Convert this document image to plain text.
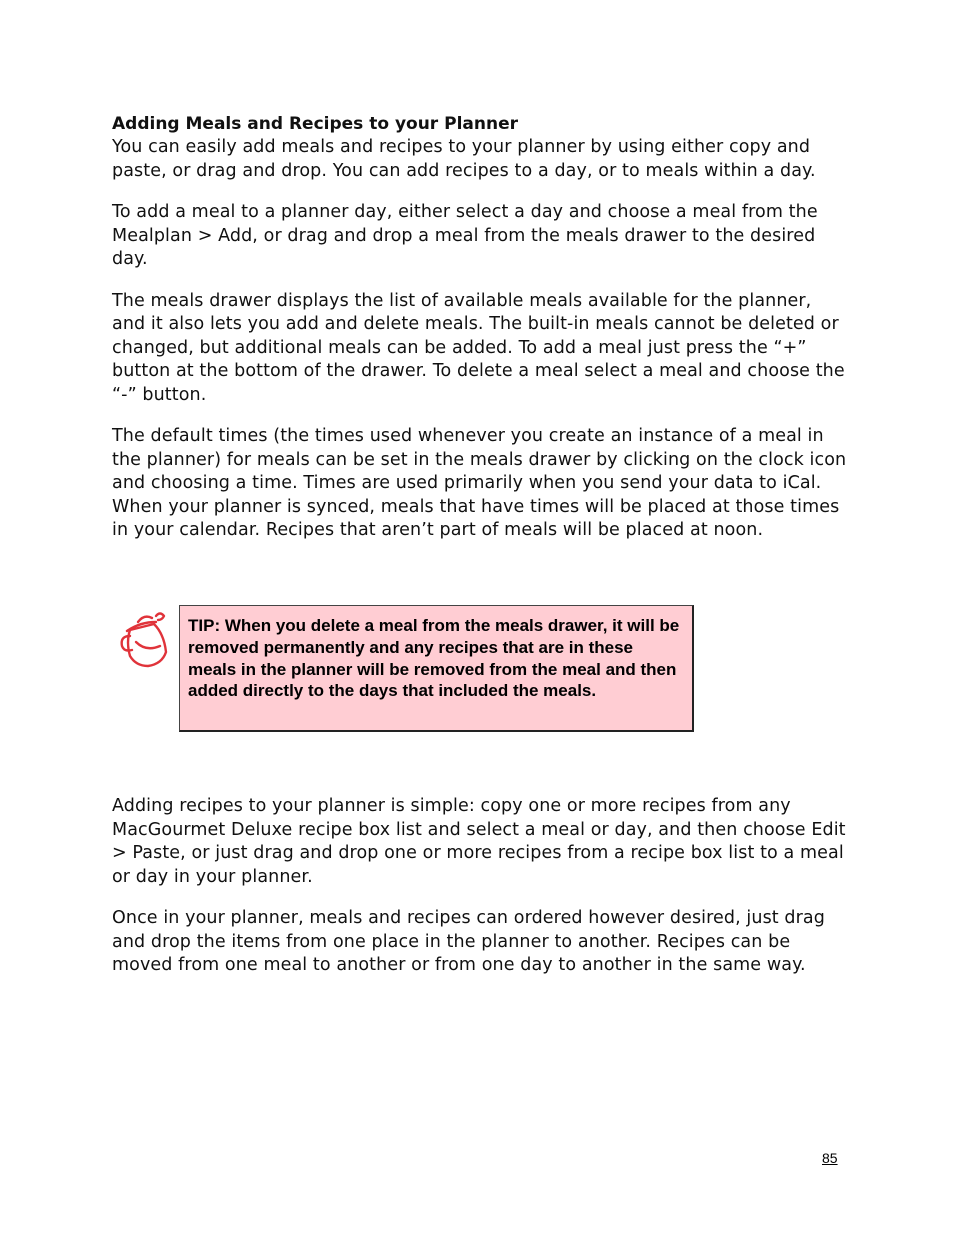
Adding Meals and Recipes to your Planner

You can easily add meals and recipes to your planner by using either copy and paste, or drag and drop. You can add recipes to a day, or to meals within a day.

To add a meal to a planner day, either select a day and choose a meal from the Mealplan > Add, or drag and drop a meal from the meals drawer to the desired day.

The meals drawer displays the list of available meals available for the planner, and it also lets you add and delete meals. The built-in meals cannot be deleted or changed, but additional meals can be added. To add a meal just press the “+” button at the bottom of the drawer. To delete a meal select a meal and choose the “-” button.

The default times (the times used whenever you create an instance of a meal in the planner) for meals can be set in the meals drawer by clicking on the clock icon and choosing a time. Times are used primarily when you send your data to iCal. When your planner is synced, meals that have times will be placed at those times in your calendar. Recipes that aren’t part of meals will be placed at noon.

TIP: When you delete a meal from the meals drawer, it will be removed permanently and any recipes that are in these meals in the planner will be removed from the meal and then added directly to the days that included the meals.

Adding recipes to your planner is simple: copy one or more recipes from any MacGourmet Deluxe recipe box list and select a meal or day, and then choose Edit > Paste, or just drag and drop one or more recipes from a recipe box list to a meal or day in your planner.

Once in your planner, meals and recipes can ordered however desired, just drag and drop the items from one place in the planner to another. Recipes can be moved from one meal to another or from one day to another in the same way.

85
